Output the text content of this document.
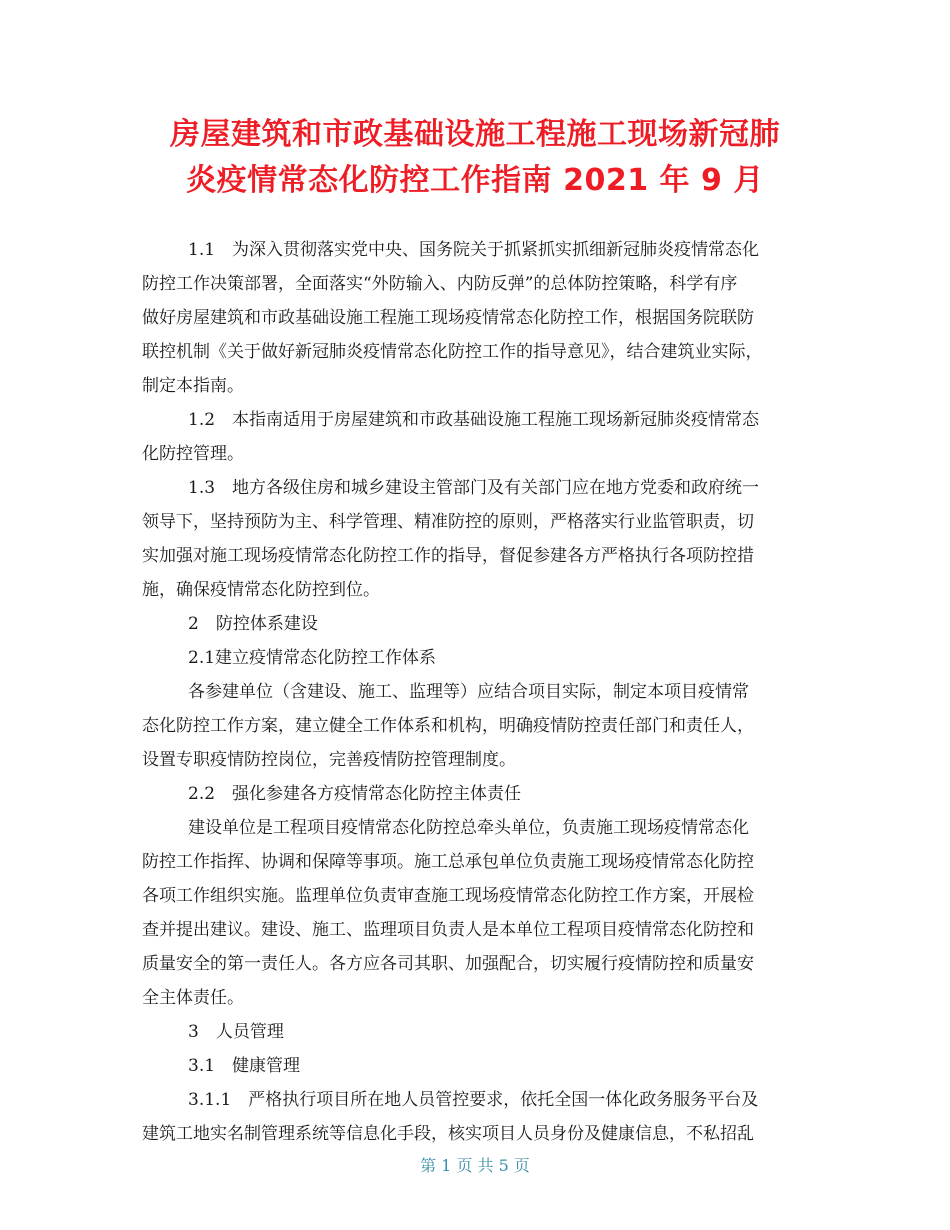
房屋建筑和市政基础设施工程施工现场新冠肺
炎疫情常态化防控工作指南 2021 年 9 月

1.1　为深入贯彻落实党中央、国务院关于抓紧抓实抓细新冠肺炎疫情常态化

防控工作决策部署，全面落实“外防输入、内防反弹”的总体防控策略，科学有序

做好房屋建筑和市政基础设施工程施工现场疫情常态化防控工作，根据国务院联防

联控机制《关于做好新冠肺炎疫情常态化防控工作的指导意见》，结合建筑业实际，

制定本指南。

1.2　本指南适用于房屋建筑和市政基础设施工程施工现场新冠肺炎疫情常态

化防控管理。

1.3　地方各级住房和城乡建设主管部门及有关部门应在地方党委和政府统一

领导下，坚持预防为主、科学管理、精准防控的原则，严格落实行业监管职责，切

实加强对施工现场疫情常态化防控工作的指导，督促参建各方严格执行各项防控措

施，确保疫情常态化防控到位。

2　防控体系建设

2.1建立疫情常态化防控工作体系

各参建单位（含建设、施工、监理等）应结合项目实际，制定本项目疫情常

态化防控工作方案，建立健全工作体系和机构，明确疫情防控责任部门和责任人，

设置专职疫情防控岗位，完善疫情防控管理制度。

2.2　强化参建各方疫情常态化防控主体责任

建设单位是工程项目疫情常态化防控总牵头单位，负责施工现场疫情常态化

防控工作指挥、协调和保障等事项。施工总承包单位负责施工现场疫情常态化防控

各项工作组织实施。监理单位负责审查施工现场疫情常态化防控工作方案，开展检

查并提出建议。建设、施工、监理项目负责人是本单位工程项目疫情常态化防控和

质量安全的第一责任人。各方应各司其职、加强配合，切实履行疫情防控和质量安

全主体责任。

3　人员管理

3.1　健康管理

3.1.1　严格执行项目所在地人员管控要求，依托全国一体化政务服务平台及

建筑工地实名制管理系统等信息化手段，核实项目人员身份及健康信息，不私招乱

第 1 页 共 5 页
